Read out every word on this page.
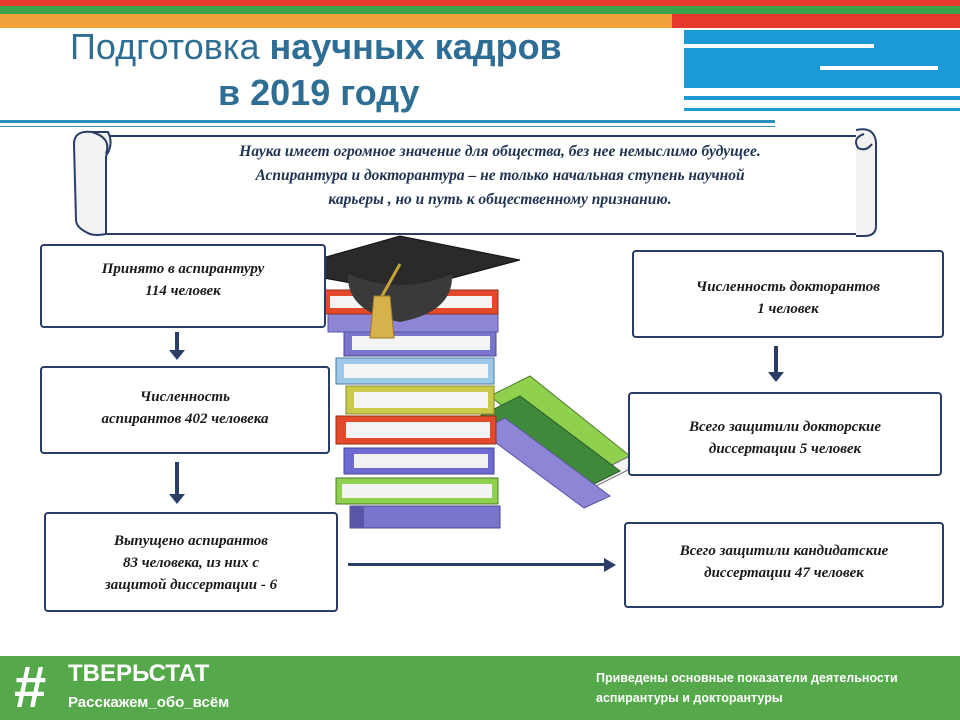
Подготовка научных кадров
в 2019 году
Наука имеет огромное значение для общества, без нее немыслимо будущее.
Аспирантура и докторантура – не только начальная ступень научной
карьеры , но и путь к общественному признанию.
Принято в аспирантуру
114 человек
Численность
аспирантов 402 человека
Выпущено аспирантов
83 человека, из них с
защитой диссертации - 6
Численность докторантов
1 человек
Всего защитили докторские
диссертации 5 человек
Всего защитили кандидатские
диссертации 47 человек
# ТВЕРЬСТАТ
Расскажем_обо_всём
Приведены основные показатели деятельности
аспирантуры и докторантуры
